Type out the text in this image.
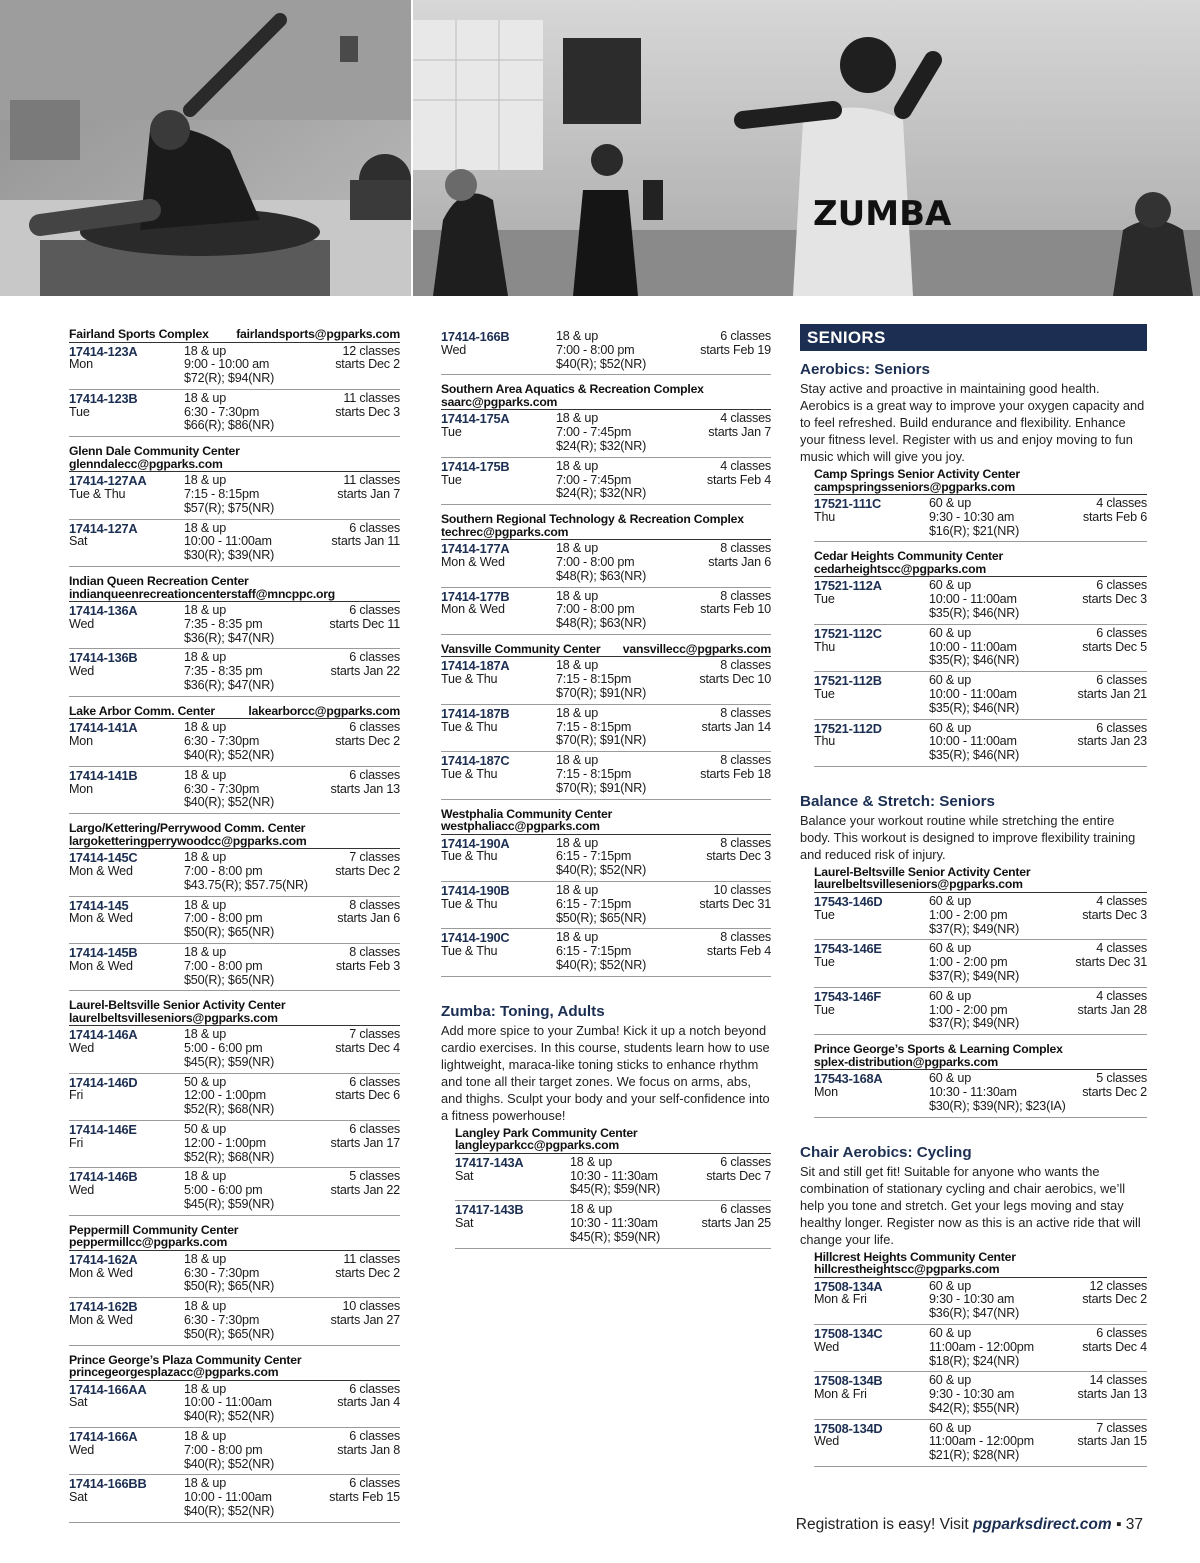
ZUMBA
Fairland Sports Complex fairlandsports@pgparks.com
17414-123A
Mon
18 & up
9:00 - 10:00 am
$72(R); $94(NR)
12 classes
starts Dec 2
17414-123B
Tue
18 & up
6:30 - 7:30pm
$66(R); $86(NR)
11 classes
starts Dec 3
Glenn Dale Community Center
glenndalecc@pgparks.com
17414-127AA
Tue & Thu
18 & up
7:15 - 8:15pm
$57(R); $75(NR)
11 classes
starts Jan 7
17414-127A
Sat
18 & up
10:00 - 11:00am
$30(R); $39(NR)
6 classes
starts Jan 11
Indian Queen Recreation Center
indianqueenrecreationcenterstaff@mncppc.org
17414-136A
Wed
18 & up
7:35 - 8:35 pm
$36(R); $47(NR)
6 classes
starts Dec 11
17414-136B
Wed
18 & up
7:35 - 8:35 pm
$36(R); $47(NR)
6 classes
starts Jan 22
Lake Arbor Comm. Center	lakearborcc@pgparks.com
17414-141A
Mon
18 & up
6:30 - 7:30pm
$40(R); $52(NR)
6 classes
starts Dec 2
17414-141B
Mon
18 & up
6:30 - 7:30pm
$40(R); $52(NR)
6 classes
starts Jan 13
Largo/Kettering/Perrywood Comm. Center
largoketteringperrywoodcc@pgparks.com
17414-145C
Mon & Wed
18 & up
7:00 - 8:00 pm
$43.75(R); $57.75(NR)
7 classes
starts Dec 2
17414-145
Mon & Wed
18 & up
7:00 - 8:00 pm
$50(R); $65(NR)
8 classes
starts Jan 6
17414-145B
Mon & Wed
18 & up
7:00 - 8:00 pm
$50(R); $65(NR)
8 classes
starts Feb 3
Laurel-Beltsville Senior Activity Center
laurelbeltsvilleseniors@pgparks.com
17414-146A
Wed
18 & up
5:00 - 6:00 pm
$45(R); $59(NR)
7 classes
starts Dec 4
17414-146D
Fri
50 & up
12:00 - 1:00pm
$52(R); $68(NR)
6 classes
starts Dec 6
17414-146E
Fri
50 & up
12:00 - 1:00pm
$52(R); $68(NR)
6 classes
starts Jan 17
17414-146B
Wed
18 & up
5:00 - 6:00 pm
$45(R); $59(NR)
5 classes
starts Jan 22
Peppermill Community Center
peppermillcc@pgparks.com
17414-162A
Mon & Wed
18 & up
6:30 - 7:30pm
$50(R); $65(NR)
11 classes
starts Dec 2
17414-162B
Mon & Wed
18 & up
6:30 - 7:30pm
$50(R); $65(NR)
10 classes
starts Jan 27
Prince George’s Plaza Community Center
princegeorgesplazacc@pgparks.com
17414-166AA
Sat
18 & up
10:00 - 11:00am
$40(R); $52(NR)
6 classes
starts Jan 4
17414-166A
Wed
18 & up
7:00 - 8:00 pm
$40(R); $52(NR)
6 classes
starts Jan 8
17414-166BB
Sat
18 & up
10:00 - 11:00am
$40(R); $52(NR)
6 classes
starts Feb 15
17414-166B
Wed
18 & up
7:00 - 8:00 pm
$40(R); $52(NR)
6 classes
starts Feb 19
Southern Area Aquatics & Recreation Complex
saarc@pgparks.com
17414-175A
Tue
18 & up
7:00 - 7:45pm
$24(R); $32(NR)
4 classes
starts Jan 7
17414-175B
Tue
18 & up
7:00 - 7:45pm
$24(R); $32(NR)
4 classes
starts Feb 4
Southern Regional Technology & Recreation Complex
techrec@pgparks.com
17414-177A
Mon & Wed
18 & up
7:00 - 8:00 pm
$48(R); $63(NR)
8 classes
starts Jan 6
17414-177B
Mon & Wed
18 & up
7:00 - 8:00 pm
$48(R); $63(NR)
8 classes
starts Feb 10
Vansville Community Center vansvillecc@pgparks.com
17414-187A
Tue & Thu
18 & up
7:15 - 8:15pm
$70(R); $91(NR)
8 classes
starts Dec 10
17414-187B
Tue & Thu
18 & up
7:15 - 8:15pm
$70(R); $91(NR)
8 classes
starts Jan 14
17414-187C
Tue & Thu
18 & up
7:15 - 8:15pm
$70(R); $91(NR)
8 classes
starts Feb 18
Westphalia Community Center
westphaliacc@pgparks.com
17414-190A
Tue & Thu
18 & up
6:15 - 7:15pm
$40(R); $52(NR)
8 classes
starts Dec 3
17414-190B
Tue & Thu
18 & up
6:15 - 7:15pm
$50(R); $65(NR)
10 classes
starts Dec 31
17414-190C
Tue & Thu
18 & up
6:15 - 7:15pm
$40(R); $52(NR)
8 classes
starts Feb 4
Zumba: Toning, Adults
Add more spice to your Zumba! Kick it up a notch beyond cardio exercises. In this course, students learn how to use lightweight, maraca-like toning sticks to enhance rhythm and tone all their target zones. We focus on arms, abs, and thighs. Sculpt your body and your self-confidence into a fitness powerhouse!
Langley Park Community Center
langleyparkcc@pgparks.com
17417-143A
Sat
18 & up
10:30 - 11:30am
$45(R); $59(NR)
6 classes
starts Dec 7
17417-143B
Sat
18 & up
10:30 - 11:30am
$45(R); $59(NR)
6 classes
starts Jan 25
SENIORS
Aerobics: Seniors
Stay active and proactive in maintaining good health. Aerobics is a great way to improve your oxygen capacity and to feel refreshed. Build endurance and flexibility. Enhance your fitness level. Register with us and enjoy moving to fun music which will give you joy.
Camp Springs Senior Activity Center
campspringsseniors@pgparks.com
17521-111C
Thu
60 & up
9:30 - 10:30 am
$16(R); $21(NR)
4 classes
starts Feb 6
Cedar Heights Community Center
cedarheightscc@pgparks.com
17521-112A
Tue
60 & up
10:00 - 11:00am
$35(R); $46(NR)
6 classes
starts Dec 3
17521-112C
Thu
60 & up
10:00 - 11:00am
$35(R); $46(NR)
6 classes
starts Dec 5
17521-112B
Tue
60 & up
10:00 - 11:00am
$35(R); $46(NR)
6 classes
starts Jan 21
17521-112D
Thu
60 & up
10:00 - 11:00am
$35(R); $46(NR)
6 classes
starts Jan 23
Balance & Stretch: Seniors
Balance your workout routine while stretching the entire body. This workout is designed to improve flexibility training and reduced risk of injury.
Laurel-Beltsville Senior Activity Center
laurelbeltsvilleseniors@pgparks.com
17543-146D
Tue
60 & up
1:00 - 2:00 pm
$37(R); $49(NR)
4 classes
starts Dec 3
17543-146E
Tue
60 & up
1:00 - 2:00 pm
$37(R); $49(NR)
4 classes
starts Dec 31
17543-146F
Tue
60 & up
1:00 - 2:00 pm
$37(R); $49(NR)
4 classes
starts Jan 28
Prince George’s Sports & Learning Complex
splex-distribution@pgparks.com
17543-168A
Mon
60 & up
10:30 - 11:30am
$30(R); $39(NR); $23(IA)
5 classes
starts Dec 2
Chair Aerobics: Cycling
Sit and still get fit! Suitable for anyone who wants the combination of stationary cycling and chair aerobics, we’ll help you tone and stretch. Get your legs moving and stay healthy longer. Register now as this is an active ride that will change your life.
Hillcrest Heights Community Center
hillcrestheightscc@pgparks.com
17508-134A
Mon & Fri
60 & up
9:30 - 10:30 am
$36(R); $47(NR)
12 classes
starts Dec 2
17508-134C
Wed
60 & up
11:00am - 12:00pm
$18(R); $24(NR)
6 classes
starts Dec 4
17508-134B
Mon & Fri
60 & up
9:30 - 10:30 am
$42(R); $55(NR)
14 classes
starts Jan 13
17508-134D
Wed
60 & up
11:00am - 12:00pm
$21(R); $28(NR)
7 classes
starts Jan 15
Registration is easy! Visit pgparksdirect.com ▪ 37
